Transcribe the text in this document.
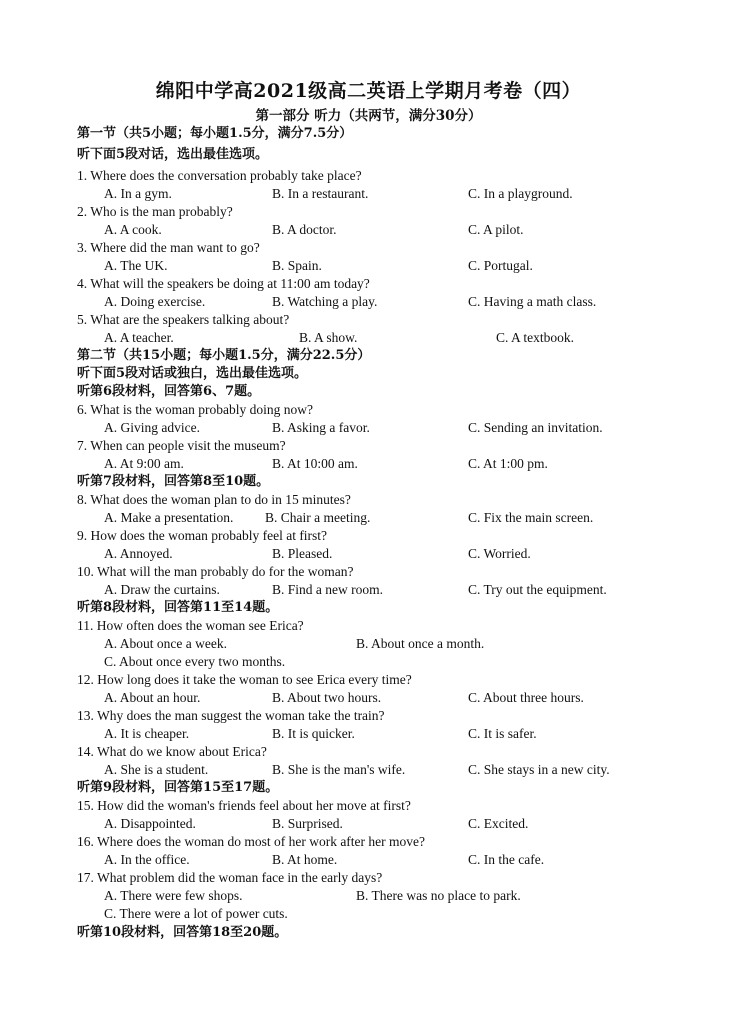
绵阳中学高2021级高二英语上学期月考卷（四）
第一部分 听力（共两节，满分30分）
第一节（共5小题；每小题1.5分，满分7.5分）
听下面5段对话，选出最佳选项。
1. Where does the conversation probably take place?
A. In a gym.	B. In a restaurant.	C. In a playground.
2. Who is the man probably?
A. A cook.	B. A doctor.	C. A pilot.
3. Where did the man want to go?
A. The UK.	B. Spain.	C. Portugal.
4. What will the speakers be doing at 11:00 am today?
A. Doing exercise.	B. Watching a play.	C. Having a math class.
5. What are the speakers talking about?
A. A teacher.	B. A show.	C. A textbook.
第二节（共15小题；每小题1.5分，满分22.5分）
听下面5段对话或独白，选出最佳选项。
听第6段材料，回答第6、7题。
6. What is the woman probably doing now?
A. Giving advice.	B. Asking a favor.	C. Sending an invitation.
7. When can people visit the museum?
A. At 9:00 am.	B. At 10:00 am.	C. At 1:00 pm.
听第7段材料，回答第8至10题。
8. What does the woman plan to do in 15 minutes?
A. Make a presentation. B. Chair a meeting.	C. Fix the main screen.
9. How does the woman probably feel at first?
A. Annoyed.	B. Pleased.	C. Worried.
10. What will the man probably do for the woman?
A. Draw the curtains.	B. Find a new room.	C. Try out the equipment.
听第8段材料，回答第11至14题。
11. How often does the woman see Erica?
A. About once a week.	B. About once a month.
C. About once every two months.
12. How long does it take the woman to see Erica every time?
A. About an hour.	B. About two hours.	C. About three hours.
13. Why does the man suggest the woman take the train?
A. It is cheaper.	B. It is quicker.	C. It is safer.
14. What do we know about Erica?
A. She is a student.	B. She is the man's wife.	C. She stays in a new city.
听第9段材料，回答第15至17题。
15. How did the woman's friends feel about her move at first?
A. Disappointed.	B. Surprised.	C. Excited.
16. Where does the woman do most of her work after her move?
A. In the office.	B. At home.	C. In the cafe.
17. What problem did the woman face in the early days?
A. There were few shops.	B. There was no place to park.
C. There were a lot of power cuts.
听第10段材料，回答第18至20题。
